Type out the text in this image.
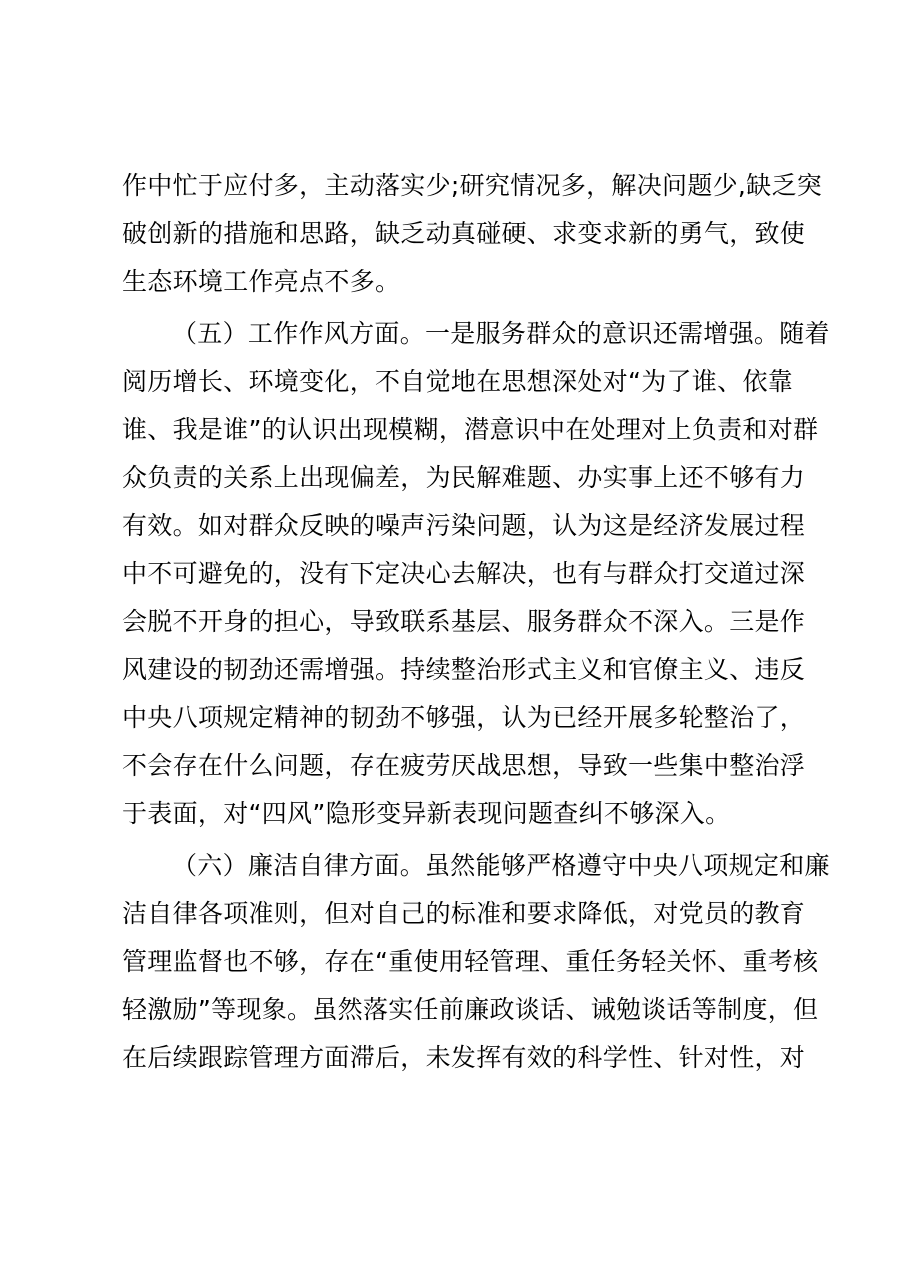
作中忙于应付多，主动落实少;研究情况多，解决问题少,缺乏突
破创新的措施和思路，缺乏动真碰硬、求变求新的勇气，致使
生态环境工作亮点不多。
（五）工作作风方面。一是服务群众的意识还需增强。随着
阅历增长、环境变化，不自觉地在思想深处对“为了谁、依靠
谁、我是谁”的认识出现模糊，潜意识中在处理对上负责和对群
众负责的关系上出现偏差，为民解难题、办实事上还不够有力
有效。如对群众反映的噪声污染问题，认为这是经济发展过程
中不可避免的，没有下定决心去解决，也有与群众打交道过深
会脱不开身的担心，导致联系基层、服务群众不深入。三是作
风建设的韧劲还需增强。持续整治形式主义和官僚主义、违反
中央八项规定精神的韧劲不够强，认为已经开展多轮整治了，
不会存在什么问题，存在疲劳厌战思想，导致一些集中整治浮
于表面，对“四风”隐形变异新表现问题查纠不够深入。
（六）廉洁自律方面。虽然能够严格遵守中央八项规定和廉
洁自律各项准则，但对自己的标准和要求降低，对党员的教育
管理监督也不够，存在“重使用轻管理、重任务轻关怀、重考核
轻激励”等现象。虽然落实任前廉政谈话、诫勉谈话等制度，但
在后续跟踪管理方面滞后，未发挥有效的科学性、针对性，对
